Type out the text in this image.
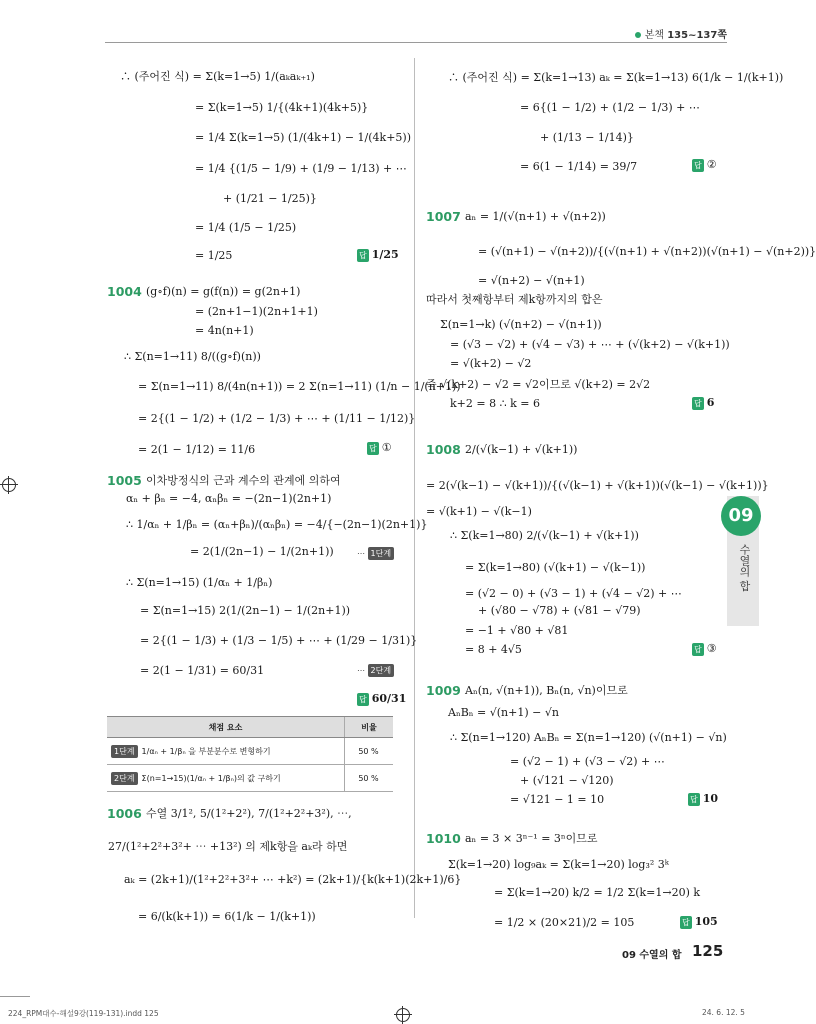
본책 135~137쪽
09
수열의 합
∴ (주어진 식) = Σ(k=1→5) 1/(aₖaₖ₊₁)
= Σ(k=1→5) 1/{(4k+1)(4k+5)}
= 1/4 Σ(k=1→5) (1/(4k+1) − 1/(4k+5))
= 1/4 {(1/5 − 1/9) + (1/9 − 1/13) + ⋯
+ (1/21 − 1/25)}
= 1/4 (1/5 − 1/25)
= 1/25	답 1/25
1004 (g∘f)(n) = g(f(n)) = g(2n+1)
= (2n+1−1)(2n+1+1)
= 4n(n+1)
∴ Σ(n=1→11) 8/((g∘f)(n))
= Σ(n=1→11) 8/(4n(n+1)) = 2 Σ(n=1→11) (1/n − 1/(n+1))
= 2{(1 − 1/2) + (1/2 − 1/3) + ⋯ + (1/11 − 1/12)}
= 2(1 − 1/12) = 11/6	답 ①
1005 이차방정식의 근과 계수의 관계에 의하여
αₙ + βₙ = −4, αₙβₙ = −(2n−1)(2n+1)
∴ 1/αₙ + 1/βₙ = (αₙ+βₙ)/(αₙβₙ) = −4/{−(2n−1)(2n+1)}
= 2(1/(2n−1) − 1/(2n+1))	⋯ 1단계
∴ Σ(n=1→15) (1/αₙ + 1/βₙ)
= Σ(n=1→15) 2(1/(2n−1) − 1/(2n+1))
= 2{(1 − 1/3) + (1/3 − 1/5) + ⋯ + (1/29 − 1/31)}
= 2(1 − 1/31) = 60/31	⋯ 2단계
답 60/31
채점 요소	비율
1단계 1/αₙ + 1/βₙ 을 부분분수로 변형하기	50 %
2단계 Σ(n=1→15)(1/αₙ + 1/βₙ)의 값 구하기	50 %
1006 수열 3/1², 5/(1²+2²), 7/(1²+2²+3²), ⋯,
27/(1²+2²+3²+ ⋯ +13²) 의 제k항을 aₖ라 하면
aₖ = (2k+1)/(1²+2²+3²+ ⋯ +k²) = (2k+1)/{k(k+1)(2k+1)/6}
= 6/(k(k+1)) = 6(1/k − 1/(k+1))
∴ (주어진 식) = Σ(k=1→13) aₖ = Σ(k=1→13) 6(1/k − 1/(k+1))
= 6{(1 − 1/2) + (1/2 − 1/3) + ⋯
+ (1/13 − 1/14)}
= 6(1 − 1/14) = 39/7	답 ②
1007 aₙ = 1/(√(n+1) + √(n+2))
= (√(n+1) − √(n+2))/{(√(n+1) + √(n+2))(√(n+1) − √(n+2))}
= √(n+2) − √(n+1)
따라서 첫째항부터 제k항까지의 합은
Σ(n=1→k) (√(n+2) − √(n+1))
= (√3 − √2) + (√4 − √3) + ⋯ + (√(k+2) − √(k+1))
= √(k+2) − √2
즉 √(k+2) − √2 = √2이므로 √(k+2) = 2√2
k+2 = 8 ∴ k = 6	답 6
1008 2/(√(k−1) + √(k+1))
= 2(√(k−1) − √(k+1))/{(√(k−1) + √(k+1))(√(k−1) − √(k+1))}
= √(k+1) − √(k−1)
∴ Σ(k=1→80) 2/(√(k−1) + √(k+1))
= Σ(k=1→80) (√(k+1) − √(k−1))
= (√2 − 0) + (√3 − 1) + (√4 − √2) + ⋯
+ (√80 − √78) + (√81 − √79)
= −1 + √80 + √81
= 8 + 4√5	답 ③
1009 Aₙ(n, √(n+1)), Bₙ(n, √n)이므로
AₙBₙ = √(n+1) − √n
∴ Σ(n=1→120) AₙBₙ = Σ(n=1→120) (√(n+1) − √n)
= (√2 − 1) + (√3 − √2) + ⋯
+ (√121 − √120)
= √121 − 1 = 10	답 10
1010 aₙ = 3 × 3ⁿ⁻¹ = 3ⁿ이므로
Σ(k=1→20) log₉aₖ = Σ(k=1→20) log₃² 3ᵏ
= Σ(k=1→20) k/2 = 1/2 Σ(k=1→20) k
= 1/2 × (20×21)/2 = 105	답 105
09 수열의 합 125
224_RPM대수-해설9강(119-131).indd 125	24. 6. 12. 5
